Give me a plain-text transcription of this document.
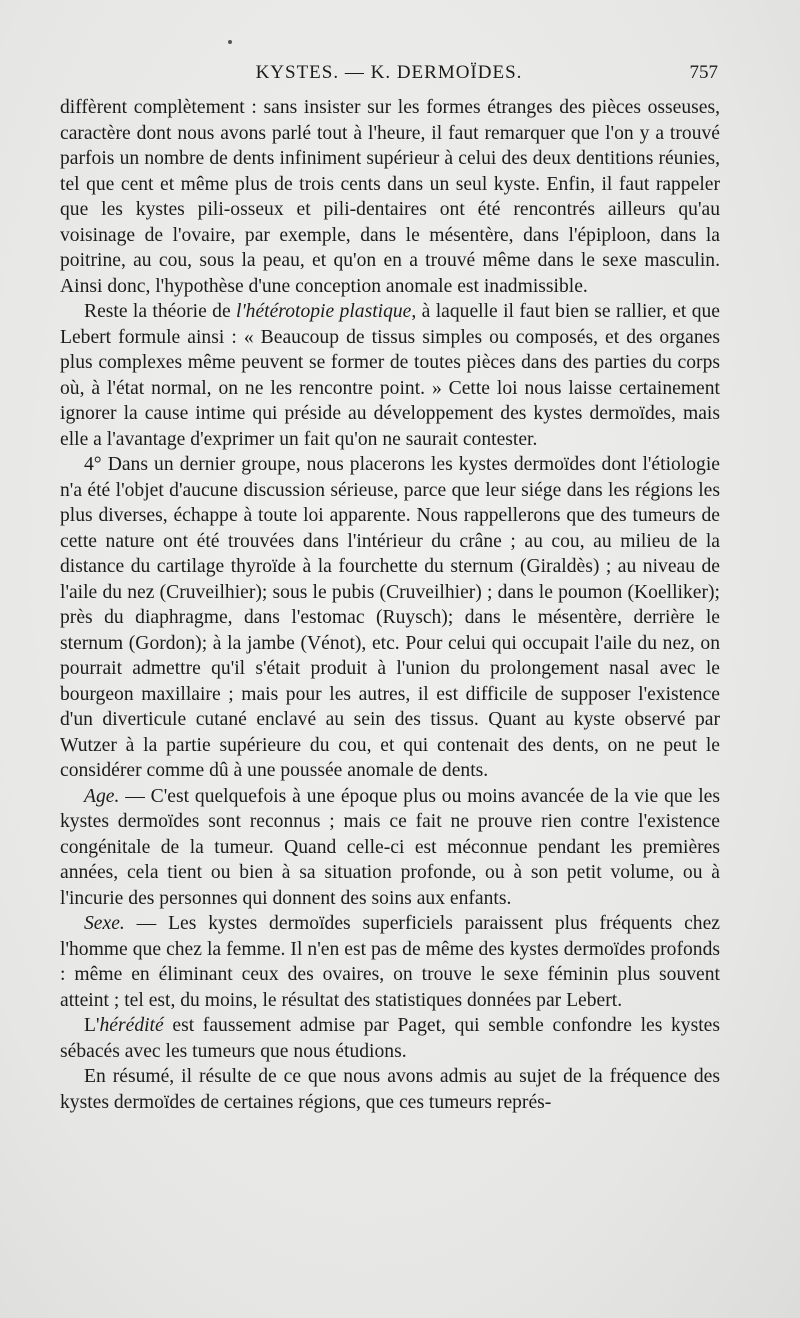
KYSTES. — K. DERMOÏDES.	757

diffèrent complètement : sans insister sur les formes étranges des pièces osseuses, caractère dont nous avons parlé tout à l'heure, il faut remarquer que l'on y a trouvé parfois un nombre de dents infiniment supérieur à celui des deux dentitions réunies, tel que cent et même plus de trois cents dans un seul kyste. Enfin, il faut rappeler que les kystes pili-osseux et pili-dentaires ont été rencontrés ailleurs qu'au voisinage de l'ovaire, par exemple, dans le mésentère, dans l'épiploon, dans la poitrine, au cou, sous la peau, et qu'on en a trouvé même dans le sexe masculin. Ainsi donc, l'hypothèse d'une conception anomale est inadmissible.

Reste la théorie de l'hétérotopie plastique, à laquelle il faut bien se rallier, et que Lebert formule ainsi : « Beaucoup de tissus simples ou composés, et des organes plus complexes même peuvent se former de toutes pièces dans des parties du corps où, à l'état normal, on ne les rencontre point. » Cette loi nous laisse certainement ignorer la cause intime qui préside au développement des kystes dermoïdes, mais elle a l'avantage d'exprimer un fait qu'on ne saurait contester.

4° Dans un dernier groupe, nous placerons les kystes dermoïdes dont l'étiologie n'a été l'objet d'aucune discussion sérieuse, parce que leur siége dans les régions les plus diverses, échappe à toute loi apparente. Nous rappellerons que des tumeurs de cette nature ont été trouvées dans l'intérieur du crâne ; au cou, au milieu de la distance du cartilage thyroïde à la fourchette du sternum (Giraldès) ; au niveau de l'aile du nez (Cruveilhier); sous le pubis (Cruveilhier) ; dans le poumon (Koelliker); près du diaphragme, dans l'estomac (Ruysch); dans le mésentère, derrière le sternum (Gordon); à la jambe (Vénot), etc. Pour celui qui occupait l'aile du nez, on pourrait admettre qu'il s'était produit à l'union du prolongement nasal avec le bourgeon maxillaire ; mais pour les autres, il est difficile de supposer l'existence d'un diverticule cutané enclavé au sein des tissus. Quant au kyste observé par Wutzer à la partie supérieure du cou, et qui contenait des dents, on ne peut le considérer comme dû à une poussée anomale de dents.

Age. — C'est quelquefois à une époque plus ou moins avancée de la vie que les kystes dermoïdes sont reconnus ; mais ce fait ne prouve rien contre l'existence congénitale de la tumeur. Quand celle-ci est méconnue pendant les premières années, cela tient ou bien à sa situation profonde, ou à son petit volume, ou à l'incurie des personnes qui donnent des soins aux enfants.

Sexe. — Les kystes dermoïdes superficiels paraissent plus fréquents chez l'homme que chez la femme. Il n'en est pas de même des kystes dermoïdes profonds : même en éliminant ceux des ovaires, on trouve le sexe féminin plus souvent atteint ; tel est, du moins, le résultat des statistiques données par Lebert.

L'hérédité est faussement admise par Paget, qui semble confondre les kystes sébacés avec les tumeurs que nous étudions.

En résumé, il résulte de ce que nous avons admis au sujet de la fréquence des kystes dermoïdes de certaines régions, que ces tumeurs représ-
